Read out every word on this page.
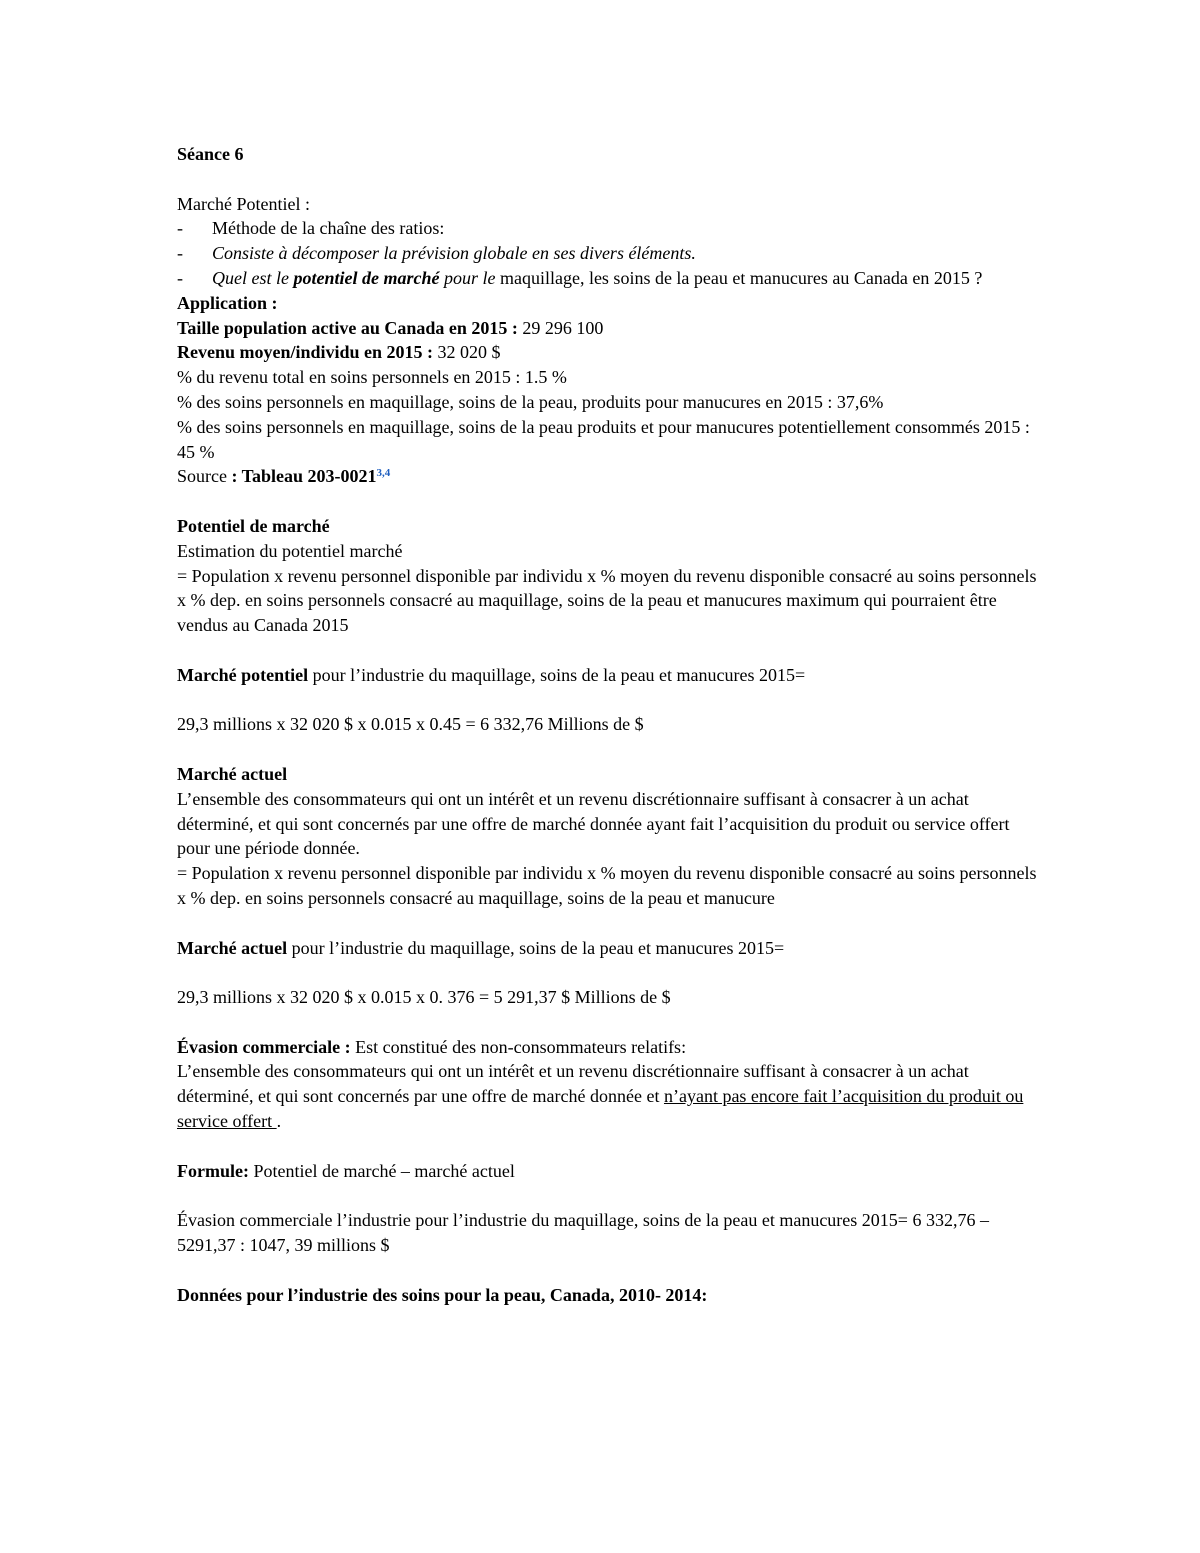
Séance 6

Marché Potentiel :

-	Méthode de la chaîne des ratios:
-	Consiste à décomposer la prévision globale en ses divers éléments.
-	Quel est le potentiel de marché pour le maquillage, les soins de la peau et manucures au Canada en 2015 ?

Application :

Taille population active au Canada en 2015 : 29 296 100

Revenu moyen/individu en 2015 : 32 020 $

% du revenu total en soins personnels en 2015 : 1.5 %

% des soins personnels en maquillage, soins de la peau, produits pour manucures en 2015 : 37,6%

% des soins personnels en maquillage, soins de la peau produits et pour manucures potentiellement consommés 2015 : 45 %

Source : Tableau 203-0021$^{3,4}$

Potentiel de marché

Estimation du potentiel marché

= Population x revenu personnel disponible par individu x % moyen du revenu disponible consacré au soins personnels x % dep. en soins personnels consacré au maquillage, soins de la peau et manucures maximum qui pourraient être vendus au Canada 2015

Marché potentiel pour l’industrie du maquillage, soins de la peau et manucures 2015=

29,3 millions x 32 020 $ x 0.015 x 0.45 = 6 332,76 Millions de $

Marché actuel

L’ensemble des consommateurs qui ont un intérêt et un revenu discrétionnaire suffisant à consacrer à un achat déterminé, et qui sont concernés par une offre de marché donnée ayant fait l’acquisition du produit ou service offert pour une période donnée.

= Population x revenu personnel disponible par individu x % moyen du revenu disponible consacré au soins personnels x % dep. en soins personnels consacré au maquillage, soins de la peau et manucure

Marché actuel pour l’industrie du maquillage, soins de la peau et manucures 2015=

29,3 millions x 32 020 $ x 0.015 x 0. 376 = 5 291,37 $ Millions de $

Évasion commerciale : Est constitué des non-consommateurs relatifs:

L’ensemble des consommateurs qui ont un intérêt et un revenu discrétionnaire suffisant à consacrer à un achat déterminé, et qui sont concernés par une offre de marché donnée et n’ayant pas encore fait l’acquisition du produit ou service offert .

Formule: Potentiel de marché – marché actuel

Évasion commerciale l’industrie pour l’industrie du maquillage, soins de la peau et manucures 2015= 6 332,76 – 5291,37 : 1047, 39 millions $

Données pour l’industrie des soins pour la peau, Canada, 2010- 2014:
